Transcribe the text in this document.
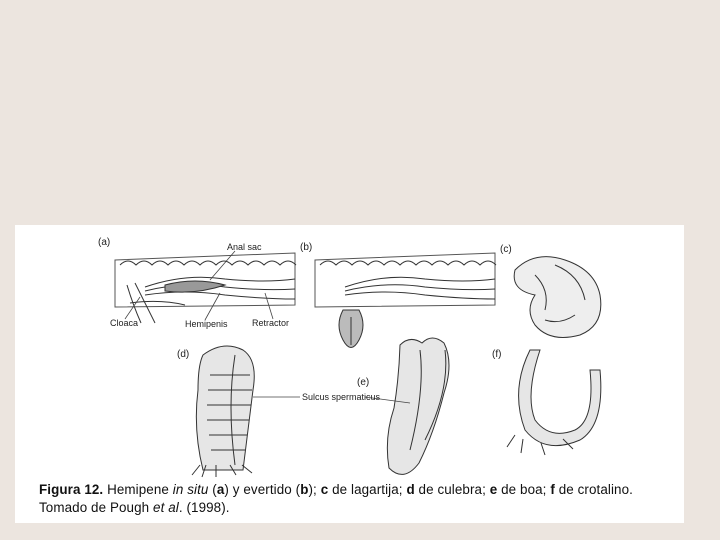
(a)	(b)	(c)
(d)
(e)
(f)
Anal sac
Cloaca	Hemipenis	Retractor
Sulcus spermaticus
Figura 12. Hemipene in situ (a) y evertido (b); c de lagartija; d de culebra; e de boa; f de crotalino. Tomado de Pough et al. (1998).
